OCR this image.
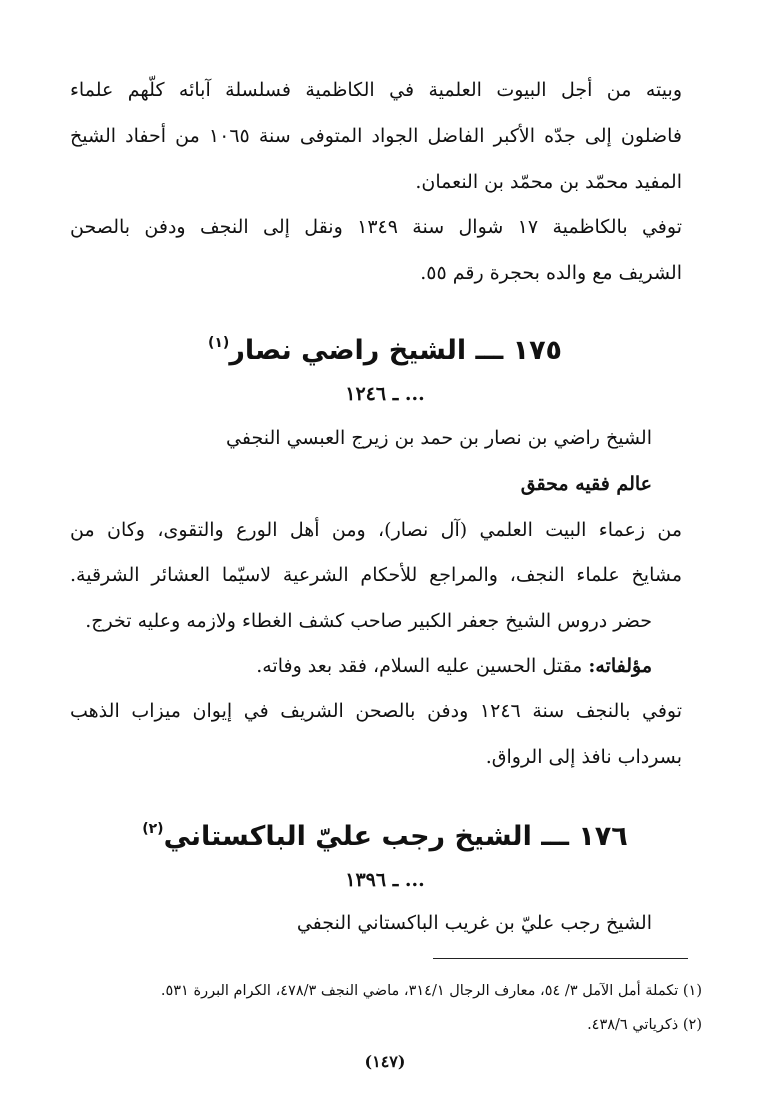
وبيته من أجل البيوت العلمية في الكاظمية فسلسلة آبائه كلّهم علماء
فاضلون إلى جدّه الأكبر الفاضل الجواد المتوفى سنة ١٠٦٥ من أحفاد الشيخ
المفيد محمّد بن محمّد بن النعمان.
توفي بالكاظمية ١٧ شوال سنة ١٣٤٩ ونقل إلى النجف ودفن بالصحن
الشريف مع والده بحجرة رقم ٥٥.
١٧٥ ـــ الشيخ راضي نصار$^{(١)}$
... ـ ١٢٤٦
الشيخ راضي بن نصار بن حمد بن زيرج العبسي النجفي
عالم فقيه محقق
من زعماء البيت العلمي (آل نصار)، ومن أهل الورع والتقوى، وكان من
مشايخ علماء النجف، والمراجع للأحكام الشرعية لاسيّما العشائر الشرقية.
حضر دروس الشيخ جعفر الكبير صاحب كشف الغطاء ولازمه وعليه تخرج.
مؤلفاته: مقتل الحسين عليه السلام، فقد بعد وفاته.
توفي بالنجف سنة ١٢٤٦ ودفن بالصحن الشريف في إيوان ميزاب الذهب
بسرداب نافذ إلى الرواق.
١٧٦ ـــ الشيخ رجب عليّ الباكستاني$^{(٢)}$
... ـ ١٣٩٦
الشيخ رجب عليّ بن غريب الباكستاني النجفي
(١) تكملة أمل الآمل ٣/ ٥٤، معارف الرجال ٣١٤/١، ماضي النجف ٤٧٨/٣، الكرام البررة ٥٣١.
(٢) ذكرياتي ٤٣٨/٦.
(١٤٧)
